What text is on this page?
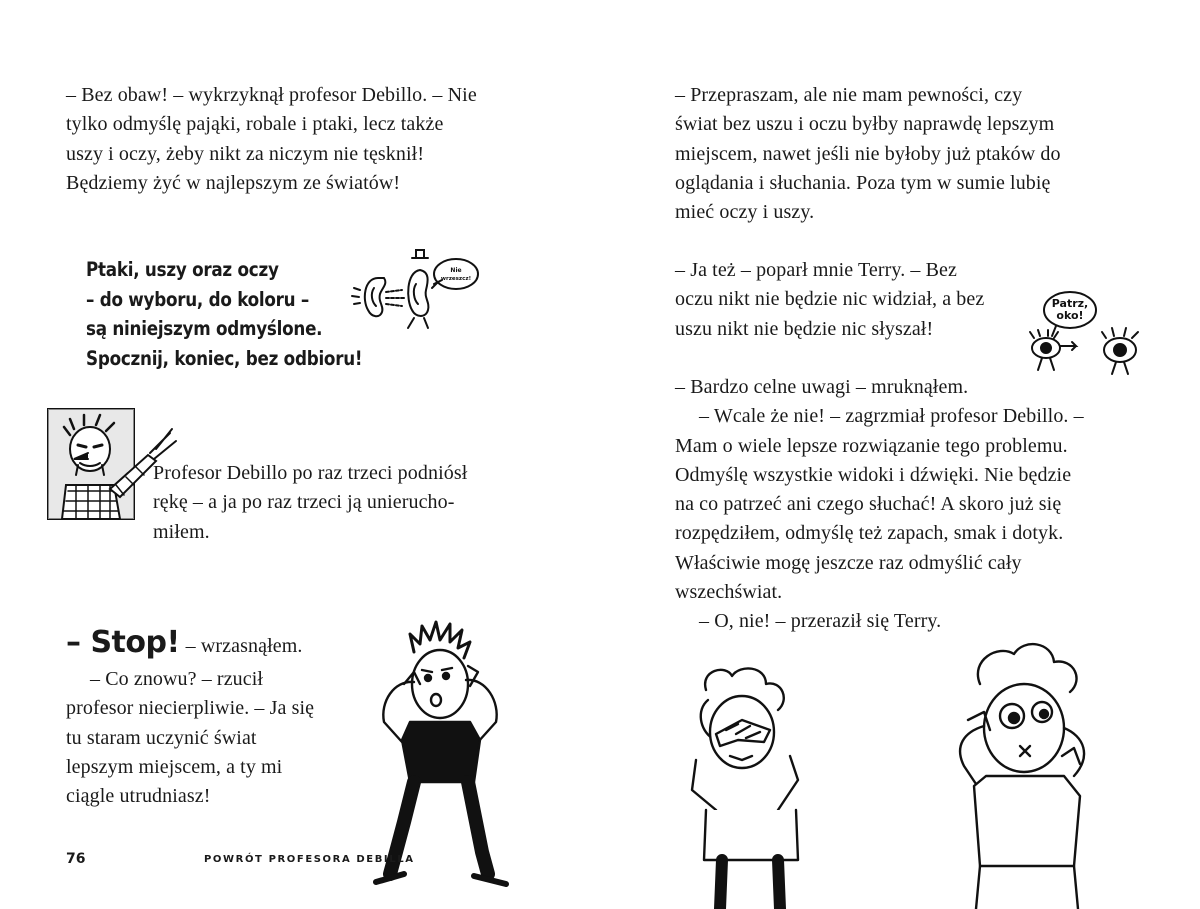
– Bez obaw! – wykrzyknął profesor Debillo. – Nie
tylko odmyślę pająki, robale i ptaki, lecz także
uszy i oczy, żeby nikt za niczym nie tęsknił!
Będziemy żyć w najlepszym ze światów!
Ptaki, uszy oraz oczy
– do wyboru, do koloru –
są niniejszym odmyślone.
Spocznij, koniec, bez odbioru!
Nie
wrzeszcz!
Profesor Debillo po raz trzeci podniósł
rękę – a ja po raz trzeci ją unierucho-
miłem.
– Stop! – wrzasnąłem.
– Co znowu? – rzucił
profesor niecierpliwie. – Ja się
tu staram uczynić świat
lepszym miejscem, a ty mi
ciągle utrudniasz!
76	POWRÓT PROFESORA DEBILLA
– Przepraszam, ale nie mam pewności, czy
świat bez uszu i oczu byłby naprawdę lepszym
miejscem, nawet jeśli nie byłoby już ptaków do
oglądania i słuchania. Poza tym w sumie lubię
mieć oczy i uszy.
– Ja też – poparł mnie Terry. – Bez
oczu nikt nie będzie nic widział, a bez
uszu nikt nie będzie nic słyszał!
Patrz,
oko!
– Bardzo celne uwagi – mruknąłem.
– Wcale że nie! – zagrzmiał profesor Debillo. –
Mam o wiele lepsze rozwiązanie tego problemu.
Odmyślę wszystkie widoki i dźwięki. Nie będzie
na co patrzeć ani czego słuchać! A skoro już się
rozpędziłem, odmyślę też zapach, smak i dotyk.
Właściwie mogę jeszcze raz odmyślić cały
wszechświat.
– O, nie! – przeraził się Terry.
